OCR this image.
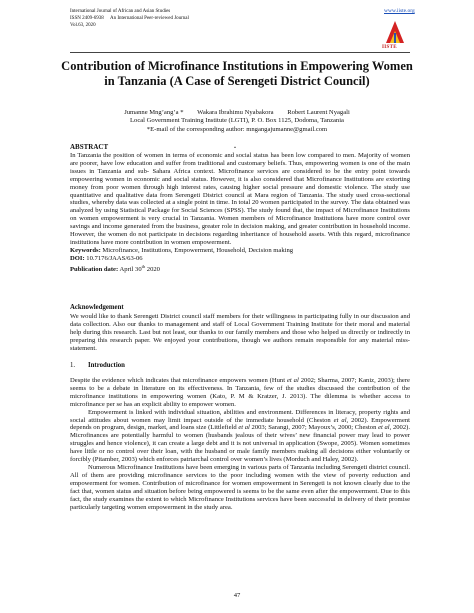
International Journal of African and Asian Studies
ISSN 2409-6938 An International Peer-reviewed Journal
Vol.63, 2020
www.iiste.org
IISTE
Contribution of Microfinance Institutions in Empowering Women
in Tanzania (A Case of Serengeti District Council)
Jumanne Mng’ang’a * Wakara Ibrahimu Nyabakora Robert Laurent Nyagali
Local Government Training Institute (LGTI), P. O. Box 1125, Dodoma, Tanzania
*E-mail of the corresponding author: mngangajumanne@gmail.com
ABSTRACT	.

In Tanzania the position of women in terms of economic and social status has been low compared to men. Majority of women are poorer, have low education and suffer from traditional and customary beliefs. Thus, empowering women is one of the main issues in Tanzania and sub- Sahara Africa context. Microfinance services are considered to be the entry point towards empowering women in economic and social status. However, it is also considered that Microfinance Institutions are extorting money from poor women through high interest rates, causing higher social pressure and domestic violence. The study use quantitative and qualitative data from Serengeti District council at Mara region of Tanzania. The study used cross-sectional studies, whereby data was collected at a single point in time. In total 20 women participated in the survey. The data obtained was analyzed by using Statistical Package for Social Sciences (SPSS). The study found that, the impact of Microfinance Institutions on women empowerment is very crucial in Tanzania. Women members of Microfinance Institutions have more control over savings and income generated from the business, greater role in decision making, and greater contribution in household income. However, the women do not participate in decisions regarding inheritance of household assets. With this regard, microfinance institutions have more contribution in women empowerment.

Keywords: Microfinance, Institutions, Empowerment, Household, Decision making

DOI: 10.7176/JAAS/63-06

Publication date: April 30th 2020

Acknowledgement

We would like to thank Serengeti District council staff members for their willingness in participating fully in our discussion and data collection. Also our thanks to management and staff of Local Government Training Institute for their moral and material help during this research. Last but not least, our thanks to our family members and those who helped us directly or indirectly in preparing this research paper. We enjoyed your contributions, though we authors remain responsible for any material miss-statement.

1. Introduction

Despite the evidence which indicates that microfinance empowers women (Hunt et al 2002; Sharma, 2007; Kaniz, 2003); there seems to be a debate in literature on its effectiveness. In Tanzania, few of the studies discussed the contribution of the microfinance institutions in empowering women (Kato, P. M & Kratzer, J. 2013). The dilemma is whether access to microfinance per se has an explicit ability to empower women.

Empowerment is linked with individual situation, abilities and environment. Differences in literacy, property rights and social attitudes about women may limit impact outside of the immediate household (Cheston et al, 2002). Empowerment depends on program, design, market, and loans size (Littlefield et al 2003; Sarangi, 2007; Mayoux’s, 2000; Cheston et al, 2002). Microfinances are potentially harmful to women (husbands jealous of their wives’ new financial power may lead to power struggles and hence violence), it can create a large debt and it is not universal in application (Swope, 2005). Women sometimes have little or no control over their loan, with the husband or male family members making all decisions either voluntarily or forcibly (Pitamber, 2003) which enforces patriarchal control over women’s lives (Morduch and Haley, 2002).

Numerous Microfinance Institutions have been emerging in various parts of Tanzania including Serengeti district council. All of them are providing microfinance services to the poor including women with the view of poverty reduction and empowerment for women. Contribution of microfinance for women empowerment in Serengeti is not known clearly due to the fact that, women status and situation before being empowered is seems to be the same even after the empowerment. Due to this fact, the study examines the extent to which Microfinance Institutions services have been successful in delivery of their promise particularly targeting women empowerment in the study area.

47
